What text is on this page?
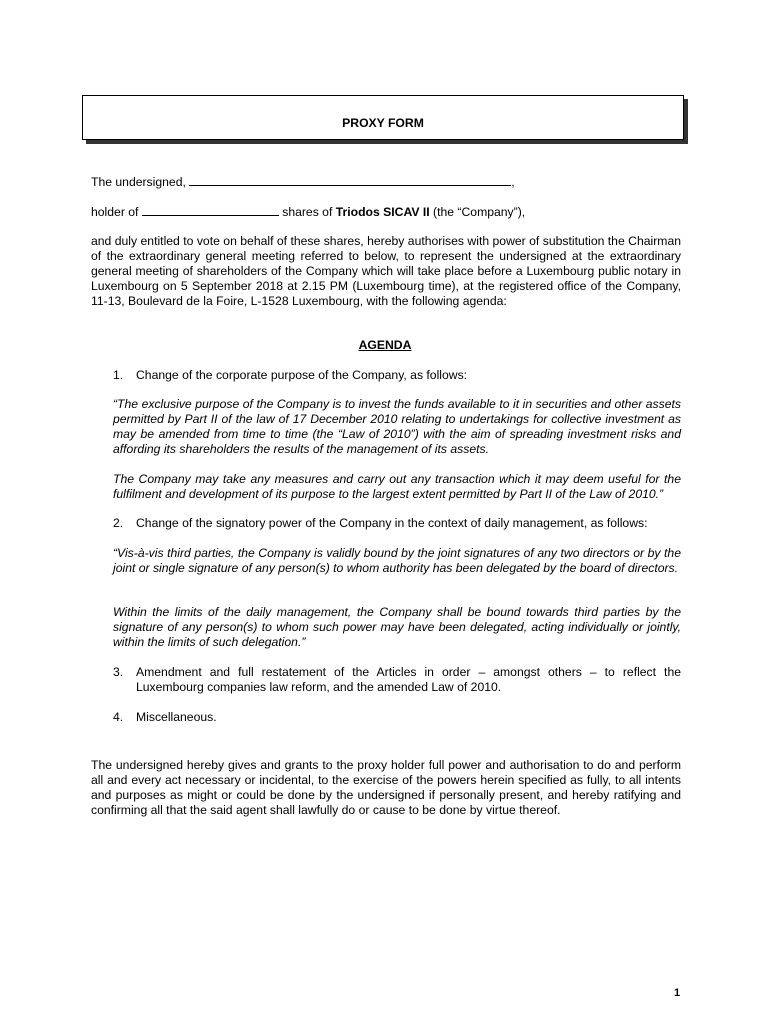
PROXY FORM
The undersigned,	,
holder of	shares of Triodos SICAV II (the “Company”),
and duly entitled to vote on behalf of these shares, hereby authorises with power of substitution the Chairman of the extraordinary general meeting referred to below, to represent the undersigned at the extraordinary general meeting of shareholders of the Company which will take place before a Luxembourg public notary in Luxembourg on 5 September 2018 at 2.15 PM (Luxembourg time), at the registered office of the Company, 11-13, Boulevard de la Foire, L-1528 Luxembourg, with the following agenda:
AGENDA
1. Change of the corporate purpose of the Company, as follows:
“The exclusive purpose of the Company is to invest the funds available to it in securities and other assets permitted by Part II of the law of 17 December 2010 relating to undertakings for collective investment as may be amended from time to time (the “Law of 2010”) with the aim of spreading investment risks and affording its shareholders the results of the management of its assets.
The Company may take any measures and carry out any transaction which it may deem useful for the fulfilment and development of its purpose to the largest extent permitted by Part II of the Law of 2010.”
2. Change of the signatory power of the Company in the context of daily management, as follows:
“Vis-à-vis third parties, the Company is validly bound by the joint signatures of any two directors or by the joint or single signature of any person(s) to whom authority has been delegated by the board of directors.
Within the limits of the daily management, the Company shall be bound towards third parties by the signature of any person(s) to whom such power may have been delegated, acting individually or jointly, within the limits of such delegation.”
3. Amendment and full restatement of the Articles in order – amongst others – to reflect the Luxembourg companies law reform, and the amended Law of 2010.
4. Miscellaneous.
The undersigned hereby gives and grants to the proxy holder full power and authorisation to do and perform all and every act necessary or incidental, to the exercise of the powers herein specified as fully, to all intents and purposes as might or could be done by the undersigned if personally present, and hereby ratifying and confirming all that the said agent shall lawfully do or cause to be done by virtue thereof.
1
